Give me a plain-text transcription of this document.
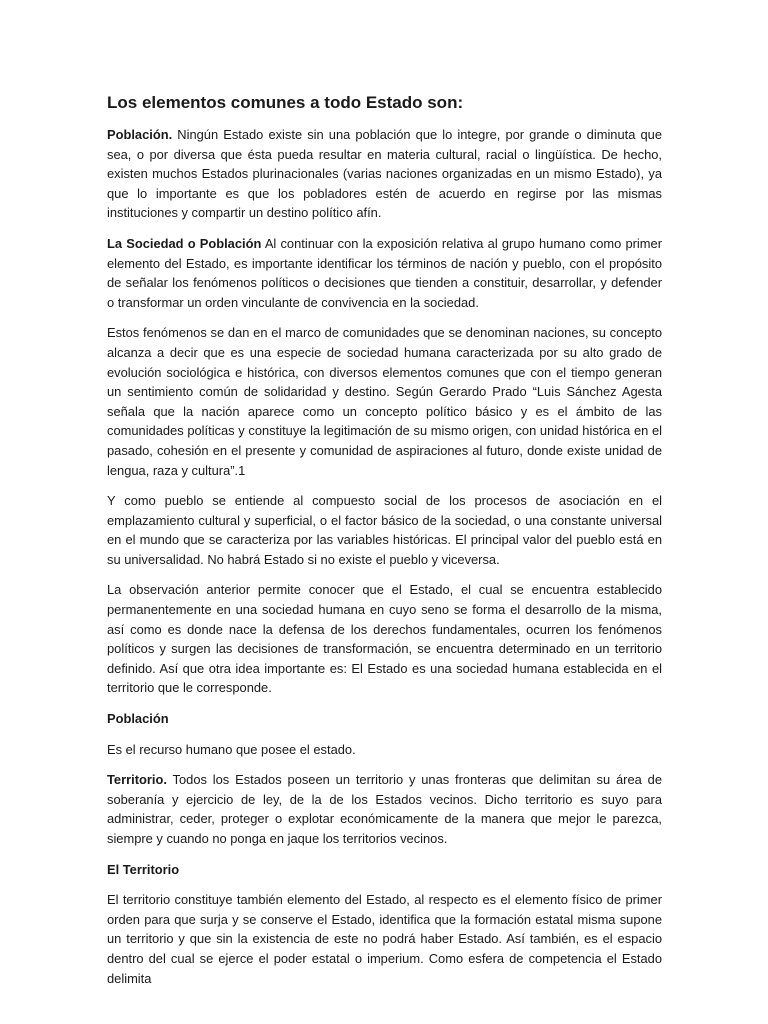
Los elementos comunes a todo Estado son:

Población. Ningún Estado existe sin una población que lo integre, por grande o diminuta que sea, o por diversa que ésta pueda resultar en materia cultural, racial o lingüística. De hecho, existen muchos Estados plurinacionales (varias naciones organizadas en un mismo Estado), ya que lo importante es que los pobladores estén de acuerdo en regirse por las mismas instituciones y compartir un destino político afín.

La Sociedad o Población Al continuar con la exposición relativa al grupo humano como primer elemento del Estado, es importante identificar los términos de nación y pueblo, con el propósito de señalar los fenómenos políticos o decisiones que tienden a constituir, desarrollar, y defender o transformar un orden vinculante de convivencia en la sociedad.

Estos fenómenos se dan en el marco de comunidades que se denominan naciones, su concepto alcanza a decir que es una especie de sociedad humana caracterizada por su alto grado de evolución sociológica e histórica, con diversos elementos comunes que con el tiempo generan un sentimiento común de solidaridad y destino. Según Gerardo Prado “Luis Sánchez Agesta señala que la nación aparece como un concepto político básico y es el ámbito de las comunidades políticas y constituye la legitimación de su mismo origen, con unidad histórica en el pasado, cohesión en el presente y comunidad de aspiraciones al futuro, donde existe unidad de lengua, raza y cultura”.1

Y como pueblo se entiende al compuesto social de los procesos de asociación en el emplazamiento cultural y superficial, o el factor básico de la sociedad, o una constante universal en el mundo que se caracteriza por las variables históricas. El principal valor del pueblo está en su universalidad. No habrá Estado si no existe el pueblo y viceversa.

La observación anterior permite conocer que el Estado, el cual se encuentra establecido permanentemente en una sociedad humana en cuyo seno se forma el desarrollo de la misma, así como es donde nace la defensa de los derechos fundamentales, ocurren los fenómenos políticos y surgen las decisiones de transformación, se encuentra determinado en un territorio definido. Así que otra idea importante es: El Estado es una sociedad humana establecida en el territorio que le corresponde.

Población

Es el recurso humano que posee el estado.

Territorio. Todos los Estados poseen un territorio y unas fronteras que delimitan su área de soberanía y ejercicio de ley, de la de los Estados vecinos. Dicho territorio es suyo para administrar, ceder, proteger o explotar económicamente de la manera que mejor le parezca, siempre y cuando no ponga en jaque los territorios vecinos.

El Territorio

El territorio constituye también elemento del Estado, al respecto es el elemento físico de primer orden para que surja y se conserve el Estado, identifica que la formación estatal misma supone un territorio y que sin la existencia de este no podrá haber Estado. Así también, es el espacio dentro del cual se ejerce el poder estatal o imperium. Como esfera de competencia el Estado delimita
